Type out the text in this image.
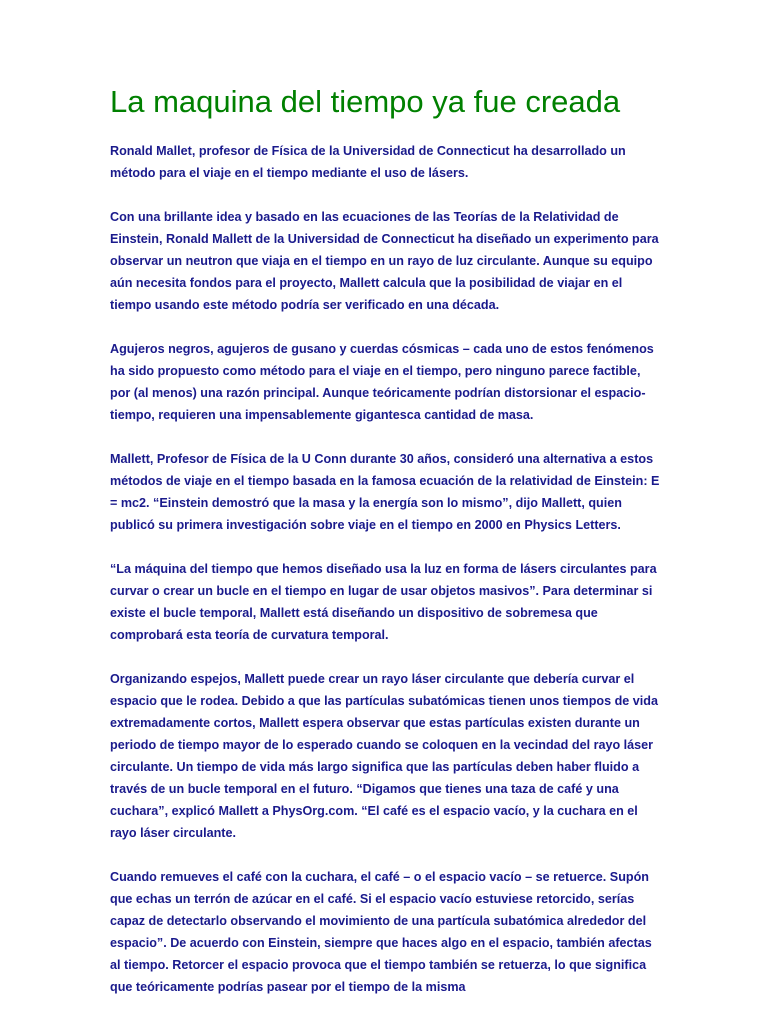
La maquina del tiempo ya fue creada

Ronald Mallet, profesor de Física de la Universidad de Connecticut ha desarrollado un método para el viaje en el tiempo mediante el uso de lásers.

Con una brillante idea y basado en las ecuaciones de las Teorías de la Relatividad de Einstein, Ronald Mallett de la Universidad de Connecticut ha diseñado un experimento para observar un neutron que viaja en el tiempo en un rayo de luz circulante. Aunque su equipo aún necesita fondos para el proyecto, Mallett calcula que la posibilidad de viajar en el tiempo usando este método podría ser verificado en una década.

Agujeros negros, agujeros de gusano y cuerdas cósmicas – cada uno de estos fenómenos ha sido propuesto como método para el viaje en el tiempo, pero ninguno parece factible, por (al menos) una razón principal. Aunque teóricamente podrían distorsionar el espacio-tiempo, requieren una impensablemente gigantesca cantidad de masa.

Mallett, Profesor de Física de la U Conn durante 30 años, consideró una alternativa a estos métodos de viaje en el tiempo basada en la famosa ecuación de la relatividad de Einstein: E = mc2. “Einstein demostró que la masa y la energía son lo mismo”, dijo Mallett, quien publicó su primera investigación sobre viaje en el tiempo en 2000 en Physics Letters.

“La máquina del tiempo que hemos diseñado usa la luz en forma de lásers circulantes para curvar o crear un bucle en el tiempo en lugar de usar objetos masivos”. Para determinar si existe el bucle temporal, Mallett está diseñando un dispositivo de sobremesa que comprobará esta teoría de curvatura temporal.

Organizando espejos, Mallett puede crear un rayo láser circulante que debería curvar el espacio que le rodea. Debido a que las partículas subatómicas tienen unos tiempos de vida extremadamente cortos, Mallett espera observar que estas partículas existen durante un periodo de tiempo mayor de lo esperado cuando se coloquen en la vecindad del rayo láser circulante. Un tiempo de vida más largo significa que las partículas deben haber fluido a través de un bucle temporal en el futuro. “Digamos que tienes una taza de café y una cuchara”, explicó Mallett a PhysOrg.com. “El café es el espacio vacío, y la cuchara en el rayo láser circulante.

Cuando remueves el café con la cuchara, el café – o el espacio vacío – se retuerce. Supón que echas un terrón de azúcar en el café. Si el espacio vacío estuviese retorcido, serías capaz de detectarlo observando el movimiento de una partícula subatómica alrededor del espacio”. De acuerdo con Einstein, siempre que haces algo en el espacio, también afectas al tiempo. Retorcer el espacio provoca que el tiempo también se retuerza, lo que significa que teóricamente podrías pasear por el tiempo de la misma
